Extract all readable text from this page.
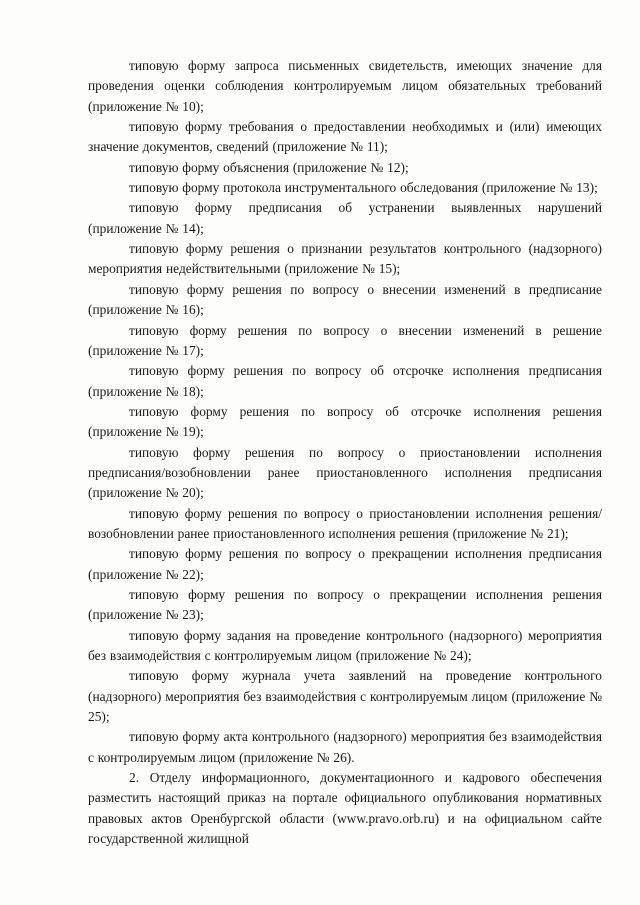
типовую форму запроса письменных свидетельств, имеющих значение для проведения оценки соблюдения контролируемым лицом обязательных требований (приложение № 10);

типовую форму требования о предоставлении необходимых и (или) имеющих значение документов, сведений (приложение № 11);

типовую форму объяснения (приложение № 12);

типовую форму протокола инструментального обследования (приложение № 13);

типовую форму предписания об устранении выявленных нарушений (приложение № 14);

типовую форму решения о признании результатов контрольного (надзорного) мероприятия недействительными (приложение № 15);

типовую форму решения по вопросу о внесении изменений в предписание (приложение № 16);

типовую форму решения по вопросу о внесении изменений в решение (приложение № 17);

типовую форму решения по вопросу об отсрочке исполнения предписания (приложение № 18);

типовую форму решения по вопросу об отсрочке исполнения решения (приложение № 19);

типовую форму решения по вопросу о приостановлении исполнения предписания/возобновлении ранее приостановленного исполнения предписания (приложение № 20);

типовую форму решения по вопросу о приостановлении исполнения решения/возобновлении ранее приостановленного исполнения решения (приложение № 21);

типовую форму решения по вопросу о прекращении исполнения предписания (приложение № 22);

типовую форму решения по вопросу о прекращении исполнения решения (приложение № 23);

типовую форму задания на проведение контрольного (надзорного) мероприятия без взаимодействия с контролируемым лицом (приложение № 24);

типовую форму журнала учета заявлений на проведение контрольного (надзорного) мероприятия без взаимодействия с контролируемым лицом (приложение № 25);

типовую форму акта контрольного (надзорного) мероприятия без взаимодействия с контролируемым лицом (приложение № 26).

2. Отделу информационного, документационного и кадрового обеспечения разместить настоящий приказ на портале официального опубликования нормативных правовых актов Оренбургской области (www.pravo.orb.ru) и на официальном сайте государственной жилищной
